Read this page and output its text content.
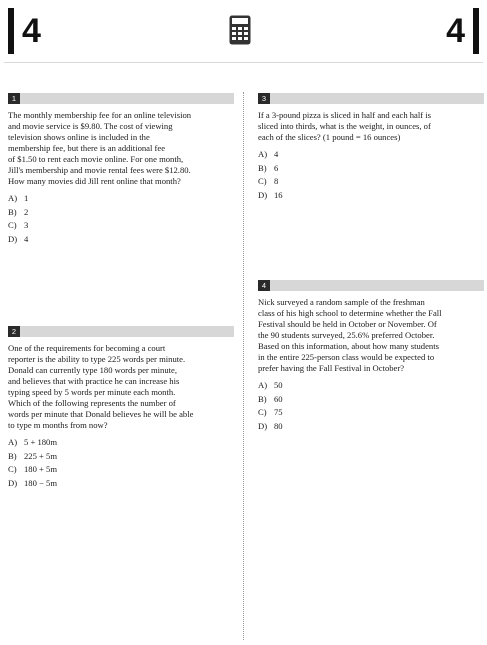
4	4
1
The monthly membership fee for an online television
and movie service is $9.80. The cost of viewing
television shows online is included in the
membership fee, but there is an additional fee
of $1.50 to rent each movie online. For one month,
Jill's membership and movie rental fees were $12.80.
How many movies did Jill rent online that month?
A) 1
B) 2
C) 3
D) 4
2
One of the requirements for becoming a court
reporter is the ability to type 225 words per minute.
Donald can currently type 180 words per minute,
and believes that with practice he can increase his
typing speed by 5 words per minute each month.
Which of the following represents the number of
words per minute that Donald believes he will be able
to type m months from now?
A) 5 + 180m
B) 225 + 5m
C) 180 + 5m
D) 180 − 5m
3
If a 3-pound pizza is sliced in half and each half is
sliced into thirds, what is the weight, in ounces, of
each of the slices? (1 pound = 16 ounces)
A) 4
B) 6
C) 8
D) 16
4
Nick surveyed a random sample of the freshman
class of his high school to determine whether the Fall
Festival should be held in October or November. Of
the 90 students surveyed, 25.6% preferred October.
Based on this information, about how many students
in the entire 225-person class would be expected to
prefer having the Fall Festival in October?
A) 50
B) 60
C) 75
D) 80
